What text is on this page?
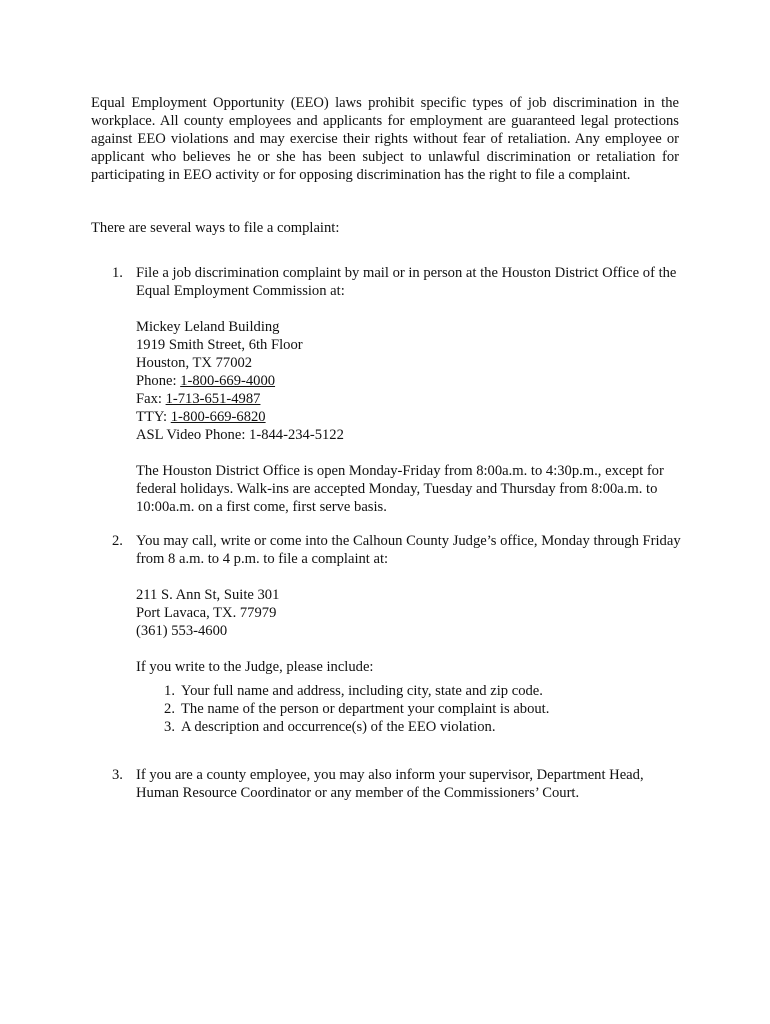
Equal Employment Opportunity (EEO) laws prohibit specific types of job discrimination in the workplace. All county employees and applicants for employment are guaranteed legal protections against EEO violations and may exercise their rights without fear of retaliation. Any employee or applicant who believes he or she has been subject to unlawful discrimination or retaliation for participating in EEO activity or for opposing discrimination has the right to file a complaint.

There are several ways to file a complaint:

1. File a job discrimination complaint by mail or in person at the Houston District Office of the Equal Employment Commission at:

Mickey Leland Building

1919 Smith Street, 6th Floor

Houston, TX 77002

Phone: 1-800-669-4000

Fax: 1-713-651-4987

TTY: 1-800-669-6820

ASL Video Phone: 1-844-234-5122

The Houston District Office is open Monday-Friday from 8:00a.m. to 4:30p.m., except for federal holidays. Walk-ins are accepted Monday, Tuesday and Thursday from 8:00a.m. to 10:00a.m. on a first come, first serve basis.

2. You may call, write or come into the Calhoun County Judge’s office, Monday through Friday from 8 a.m. to 4 p.m. to file a complaint at:

211 S. Ann St, Suite 301

Port Lavaca, TX. 77979

(361) 553-4600

If you write to the Judge, please include:

1. Your full name and address, including city, state and zip code.

2. The name of the person or department your complaint is about.

3. A description and occurrence(s) of the EEO violation.

3. If you are a county employee, you may also inform your supervisor, Department Head, Human Resource Coordinator or any member of the Commissioners’ Court.
